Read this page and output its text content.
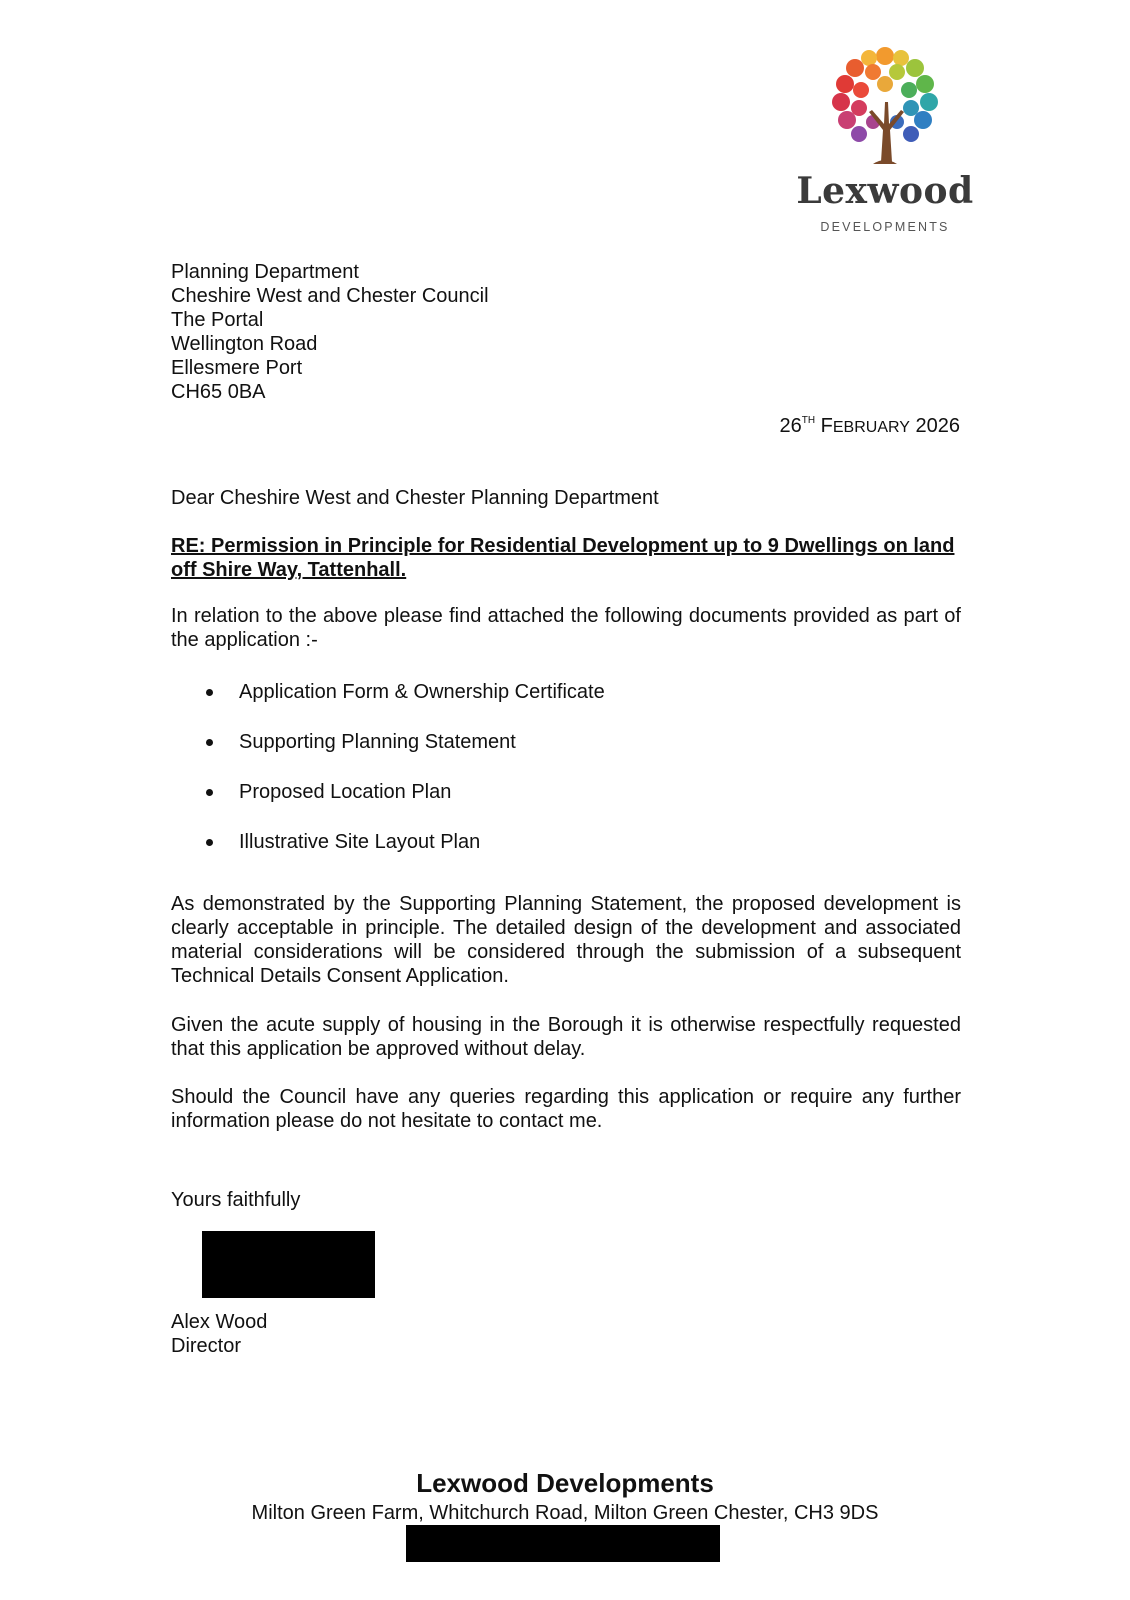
Lexwood
DEVELOPMENTS
Planning Department
Cheshire West and Chester Council
The Portal
Wellington Road
Ellesmere Port
CH65 0BA
26TH FEBRUARY 2026
Dear Cheshire West and Chester Planning Department
RE: Permission in Principle for Residential Development up to 9 Dwellings on land off Shire Way, Tattenhall.
In relation to the above please find attached the following documents provided as part of the application :-
Application Form & Ownership Certificate
Supporting Planning Statement
Proposed Location Plan
Illustrative Site Layout Plan
As demonstrated by the Supporting Planning Statement, the proposed development is clearly acceptable in principle. The detailed design of the development and associated material considerations will be considered through the submission of a subsequent Technical Details Consent Application.
Given the acute supply of housing in the Borough it is otherwise respectfully requested that this application be approved without delay.
Should the Council have any queries regarding this application or require any further information please do not hesitate to contact me.
Yours faithfully
Alex Wood
Director
Lexwood Developments
Milton Green Farm, Whitchurch Road, Milton Green Chester, CH3 9DS
